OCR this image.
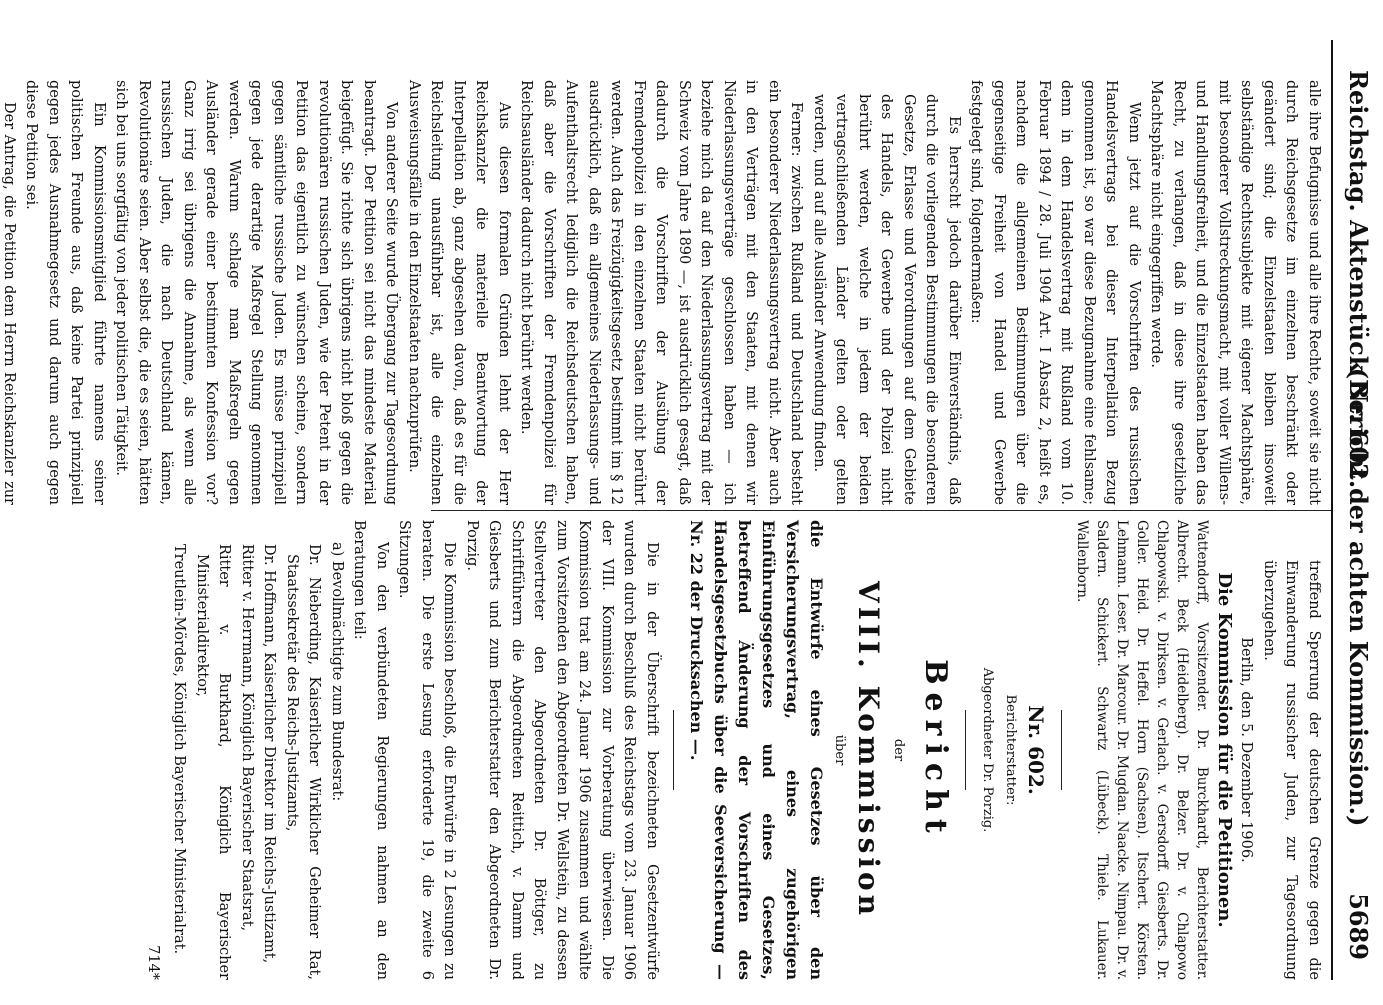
Reichstag. Aktenstück Nr. 602.
(Bericht der achten Kommission.)        5689

alle ihre Befugnisse und alle ihre Rechte, soweit sie nicht durch Reichsgesetze im einzelnen beschränkt oder geändert sind; die Einzelstaaten bleiben insoweit selbständige Rechtssubjekte mit eigener Machtsphäre, mit besonderer Vollstreckungsmacht, mit voller Willens- und Handlungsfreiheit, und die Einzelstaaten haben das Recht, zu verlangen, daß in diese ihre gesetzliche Machtsphäre nicht eingegriffen werde.

Wenn jetzt auf die Vorschriften des russischen Handelsvertrags bei dieser Interpellation Bezug genommen ist, so war diese Bezugnahme eine fehlsame; denn in dem Handelsvertrag mit Rußland vom 10. Februar 1894 / 28. Juli 1904 Art. I Absatz 2, heißt es, nachdem die allgemeinen Bestimmungen über die gegenseitige Freiheit von Handel und Gewerbe festgelegt sind, folgendermaßen:

Es herrscht jedoch darüber Einverständnis, daß durch die vorliegenden Bestimmungen die besonderen Gesetze, Erlasse und Verordnungen auf dem Gebiete des Handels, der Gewerbe und der Polizei nicht berührt werden, welche in jedem der beiden vertragschließenden Länder gelten oder gelten werden, und auf alle Ausländer Anwendung finden.

Ferner: zwischen Rußland und Deutschland besteht ein besonderer Niederlassungsvertrag nicht. Aber auch in den Verträgen mit den Staaten, mit denen wir Niederlassungsverträge geschlossen haben — ich beziehe mich da auf den Niederlassungsvertrag mit der Schweiz vom Jahre 1890 —, ist ausdrücklich gesagt, daß dadurch die Vorschriften der Ausübung der Fremdenpolizei in den einzelnen Staaten nicht berührt werden. Auch das Freizügigkeitsgesetz bestimmt im § 12 ausdrücklich, daß ein allgemeines Niederlassungs- und Aufenthaltsrecht lediglich die Reichsdeutschen haben, daß aber die Vorschriften der Fremdenpolizei für Reichsausländer dadurch nicht berührt werden.

Aus diesen formalen Gründen lehnt der Herr Reichskanzler die materielle Beantwortung der Interpellation ab, ganz abgesehen davon, daß es für die Reichsleitung unausführbar ist, alle die einzelnen Ausweisungsfälle in den Einzelstaaten nachzuprüfen.

Von anderer Seite wurde Übergang zur Tagesordnung beantragt. Der Petition sei nicht das mindeste Material beigefügt. Sie richte sich übrigens nicht bloß gegen die revolutionären russischen Juden, wie der Petent in der Petition das eigentlich zu wünschen scheine, sondern gegen sämtliche russische Juden. Es müsse prinzipiell gegen jede derartige Maßregel Stellung genommen werden. Warum schlage man Maßregeln gegen Ausländer gerade einer bestimmten Konfession vor? Ganz irrig sei übrigens die Annahme, als wenn alle russischen Juden, die nach Deutschland kämen, Revolutionäre seien. Aber selbst die, die es seien, hätten sich bei uns sorgfältig von jeder politischen Tätigkeit.

Ein Kommissionsmitglied führte namens seiner politischen Freunde aus, daß keine Partei prinzipiell gegen jedes Ausnahmegesetz und darum auch gegen diese Petition sei.

Der Antrag, die Petition dem Herrn Reichskanzler zur

treffend Sperrung der deutschen Grenze gegen die Einwanderung russischer Juden, zur Tagesordnung überzugehen.

Berlin, den 5. Dezember 1906.

Die Kommission für die Petitionen.

Wattendorff, Vorsitzender. Dr. Burckhardt, Berichterstatter. Albrecht. Beck (Heidelberg). Dr. Belzer. Dr. v. Chlapowo Chlapowski. v. Dirksen. v. Gerlach. v. Gersdorff. Giesberts. Dr. Goller. Heid. Dr. Heffel. Horn (Sachsen). Itschert. Körsten. Lehmann. Leser. Dr. Marcour. Dr. Mugdan. Naacke. Nimpau. Dr. v. Saldern. Schickert. Schwartz (Lübeck). Thiele. Lukauer. Wallenborn.

Nr. 602.

Berichterstatter:

Abgeordneter Dr. Porzig.

Bericht

der

VIII. Kommission

über

die Entwürfe eines Gesetzes über den Versicherungsvertrag, eines zugehörigen Einführungsgesetzes und eines Gesetzes, betreffend Änderung der Vorschriften des Handelsgesetzbuchs über die Seeversicherung — Nr. 22 der Drucksachen —.

Die in der Überschrift bezeichneten Gesetzentwürfe wurden durch Beschluß des Reichstags vom 23. Januar 1906 der VIII. Kommission zur Vorberatung überwiesen. Die Kommission trat am 24. Januar 1906 zusammen und wählte zum Vorsitzenden den Abgeordneten Dr. Wellstein, zu dessen Stellvertreter den Abgeordneten Dr. Böttger, zu Schriftführern die Abgeordneten Reittich, v. Damm und Giesberts und zum Berichterstatter den Abgeordneten Dr. Porzig.

Die Kommission beschloß, die Entwürfe in 2 Lesungen zu beraten. Die erste Lesung erforderte 19, die zweite 6 Sitzungen.

Von den verbündeten Regierungen nahmen an den Beratungen teil:

a) Bevollmächtigte zum Bundesrat:

Dr. Nieberding, Kaiserlicher Wirklicher Geheimer Rat, Staatssekretär des Reichs-Justizamts,

Dr. Hoffmann, Kaiserlicher Direktor im Reichs-Justizamt,

Ritter v. Herrmann, Königlich Bayerischer Staatsrat,

Ritter v. Burkhard, Königlich Bayerischer Ministerialdirektor,

Treutlein-Mördes, Königlich Bayerischer Ministerialrat.

714*
